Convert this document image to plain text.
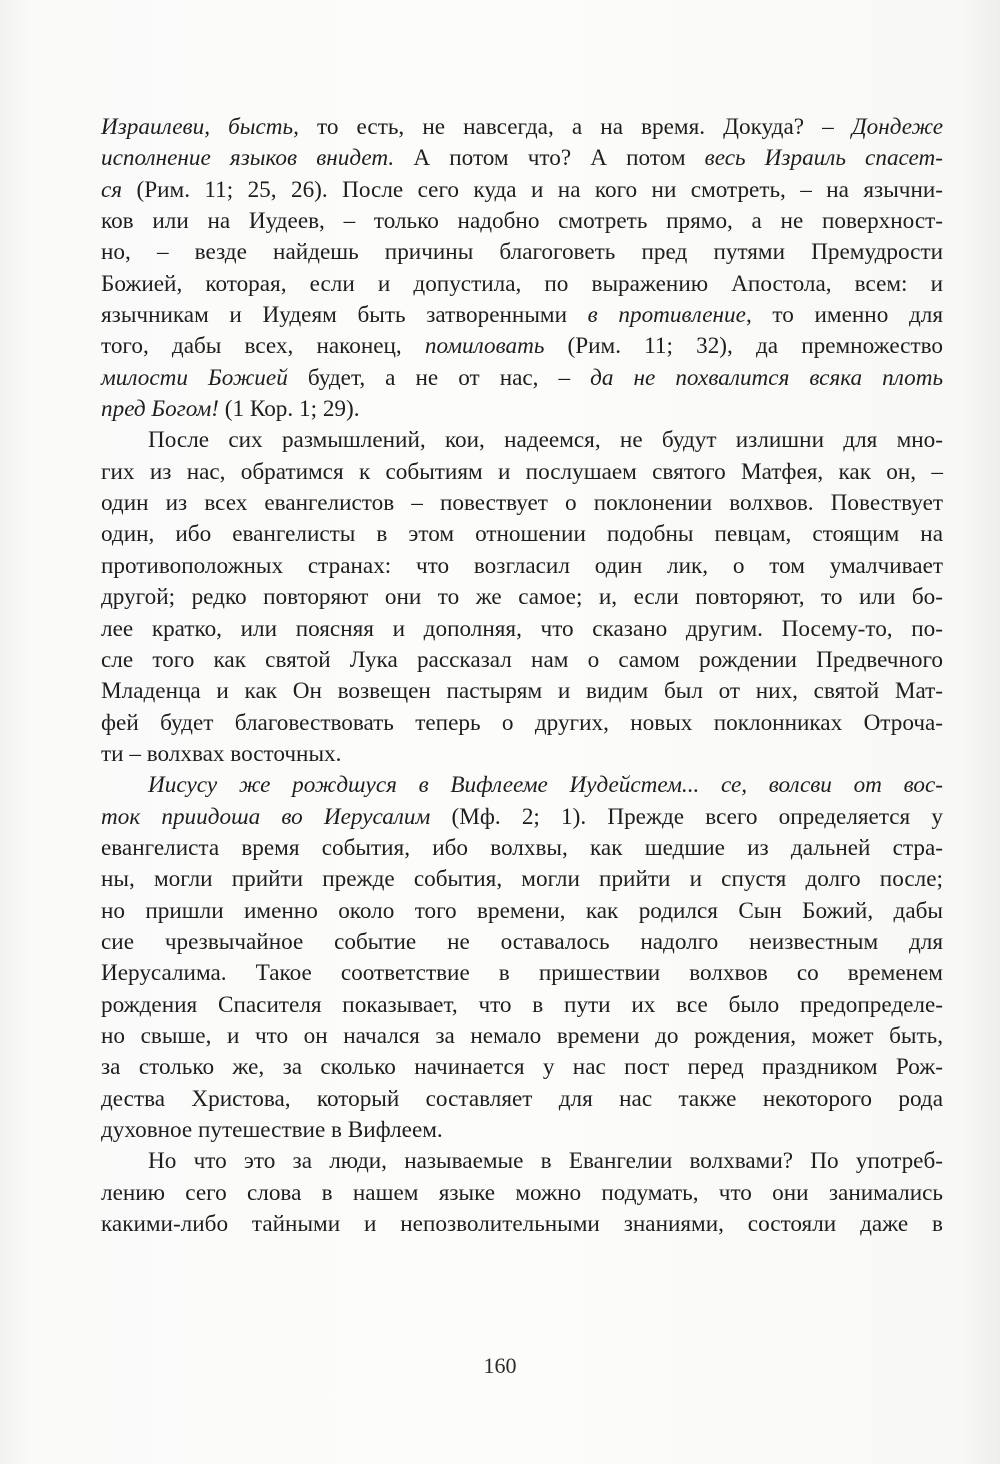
Израилеви, бысть, то есть, не навсегда, а на время. Докуда? – Дондеже
исполнение языков внидет. А потом что? А потом весь Израиль спасет-
ся (Рим. 11; 25, 26). После сего куда и на кого ни смотреть, – на язычни-
ков или на Иудеев, – только надобно смотреть прямо, а не поверхност-
но, – везде найдешь причины благоговеть пред путями Премудрости
Божией, которая, если и допустила, по выражению Апостола, всем: и
язычникам и Иудеям быть затворенными в противление, то именно для
того, дабы всех, наконец, помиловать (Рим. 11; 32), да премножество
милости Божией будет, а не от нас, – да не похвалится всяка плоть
пред Богом! (1 Кор. 1; 29).
После сих размышлений, кои, надеемся, не будут излишни для мно-
гих из нас, обратимся к событиям и послушаем святого Матфея, как он, –
один из всех евангелистов – повествует о поклонении волхвов. Повествует
один, ибо евангелисты в этом отношении подобны певцам, стоящим на
противоположных странах: что возгласил один лик, о том умалчивает
другой; редко повторяют они то же самое; и, если повторяют, то или бо-
лее кратко, или поясняя и дополняя, что сказано другим. Посему-то, по-
сле того как святой Лука рассказал нам о самом рождении Предвечного
Младенца и как Он возвещен пастырям и видим был от них, святой Мат-
фей будет благовествовать теперь о других, новых поклонниках Отроча-
ти – волхвах восточных.
Иисусу же рождшуся в Вифлееме Иудейстем... се, волсви от вос-
ток приидоша во Иерусалим (Мф. 2; 1). Прежде всего определяется у
евангелиста время события, ибо волхвы, как шедшие из дальней стра-
ны, могли прийти прежде события, могли прийти и спустя долго после;
но пришли именно около того времени, как родился Сын Божий, дабы
сие чрезвычайное событие не оставалось надолго неизвестным для
Иерусалима. Такое соответствие в пришествии волхвов со временем
рождения Спасителя показывает, что в пути их все было предопределе-
но свыше, и что он начался за немало времени до рождения, может быть,
за столько же, за сколько начинается у нас пост перед праздником Рож-
дества Христова, который составляет для нас также некоторого рода
духовное путешествие в Вифлеем.
Но что это за люди, называемые в Евангелии волхвами? По употреб-
лению сего слова в нашем языке можно подумать, что они занимались
какими-либо тайными и непозволительными знаниями, состояли даже в
160
